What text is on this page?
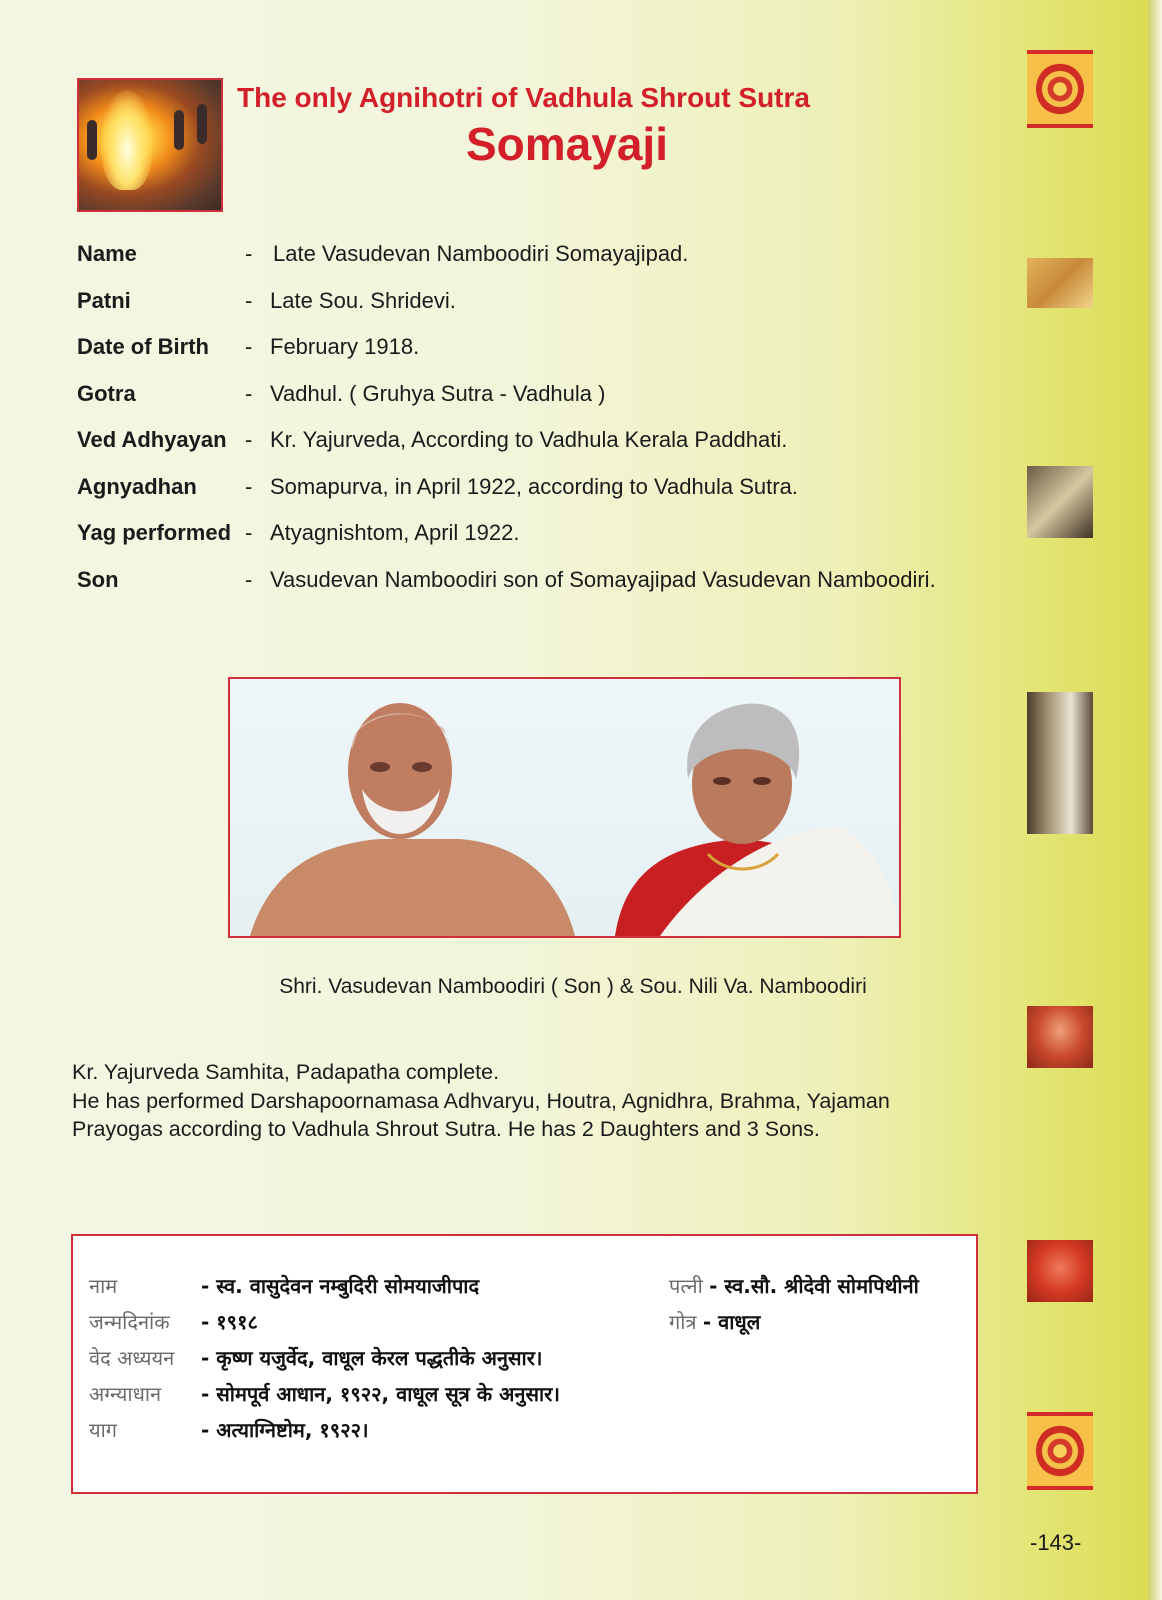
The only Agnihotri of Vadhula Shrout Sutra
Somayaji
Name	- Late Vasudevan Namboodiri Somayajipad.
Patni	- Late Sou. Shridevi.
Date of Birth - February 1918.
Gotra	- Vadhul. ( Gruhya Sutra - Vadhula )
Ved Adhyayan - Kr. Yajurveda, According to Vadhula Kerala Paddhati.
Agnyadhan - Somapurva, in April 1922, according to Vadhula Sutra.
Yag performed - Atyagnishtom, April 1922.
Son	- Vasudevan Namboodiri son of Somayajipad Vasudevan Namboodiri.
Shri. Vasudevan Namboodiri ( Son ) & Sou. Nili Va. Namboodiri
Kr. Yajurveda Samhita, Padapatha complete.
He has performed Darshapoornamasa Adhvaryu, Houtra, Agnidhra, Brahma, Yajaman
Prayogas according to Vadhula Shrout Sutra. He has 2 Daughters and 3 Sons.
नाम	- स्व. वासुदेवन नम्बुदिरी सोमयाजीपाद
जन्मदिनांक - १९१८
वेद अध्ययन - कृष्ण यजुर्वेद, वाधूल केरल पद्धतीके अनुसार।
अग्न्याधान - सोमपूर्व आधान, १९२२, वाधूल सूत्र के अनुसार।
याग	- अत्याग्निष्टोम, १९२२।
पत्नी - स्व.सौ. श्रीदेवी सोमपिथीनी
गोत्र - वाधूल
-143-
